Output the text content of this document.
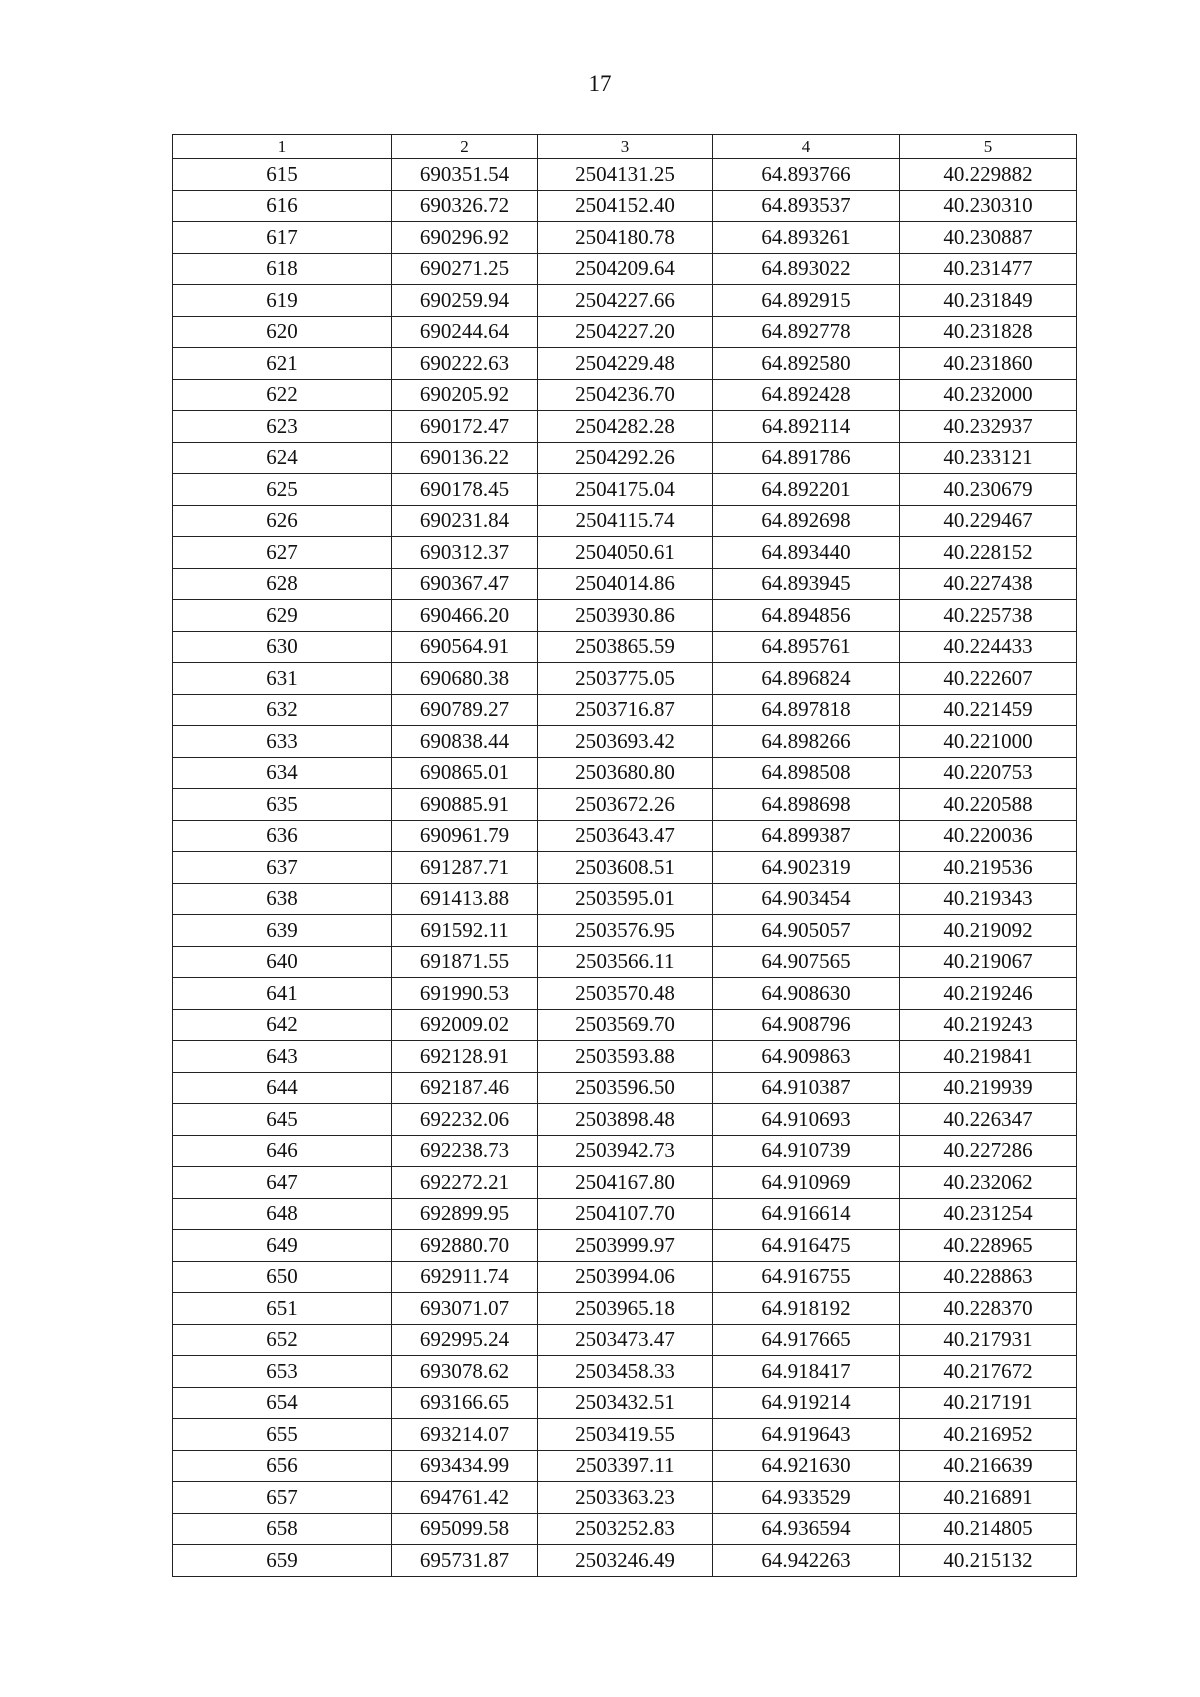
17
1	2	3	4	5
615	690351.54	2504131.25	64.893766	40.229882
616	690326.72	2504152.40	64.893537	40.230310
617	690296.92	2504180.78	64.893261	40.230887
618	690271.25	2504209.64	64.893022	40.231477
619	690259.94	2504227.66	64.892915	40.231849
620	690244.64	2504227.20	64.892778	40.231828
621	690222.63	2504229.48	64.892580	40.231860
622	690205.92	2504236.70	64.892428	40.232000
623	690172.47	2504282.28	64.892114	40.232937
624	690136.22	2504292.26	64.891786	40.233121
625	690178.45	2504175.04	64.892201	40.230679
626	690231.84	2504115.74	64.892698	40.229467
627	690312.37	2504050.61	64.893440	40.228152
628	690367.47	2504014.86	64.893945	40.227438
629	690466.20	2503930.86	64.894856	40.225738
630	690564.91	2503865.59	64.895761	40.224433
631	690680.38	2503775.05	64.896824	40.222607
632	690789.27	2503716.87	64.897818	40.221459
633	690838.44	2503693.42	64.898266	40.221000
634	690865.01	2503680.80	64.898508	40.220753
635	690885.91	2503672.26	64.898698	40.220588
636	690961.79	2503643.47	64.899387	40.220036
637	691287.71	2503608.51	64.902319	40.219536
638	691413.88	2503595.01	64.903454	40.219343
639	691592.11	2503576.95	64.905057	40.219092
640	691871.55	2503566.11	64.907565	40.219067
641	691990.53	2503570.48	64.908630	40.219246
642	692009.02	2503569.70	64.908796	40.219243
643	692128.91	2503593.88	64.909863	40.219841
644	692187.46	2503596.50	64.910387	40.219939
645	692232.06	2503898.48	64.910693	40.226347
646	692238.73	2503942.73	64.910739	40.227286
647	692272.21	2504167.80	64.910969	40.232062
648	692899.95	2504107.70	64.916614	40.231254
649	692880.70	2503999.97	64.916475	40.228965
650	692911.74	2503994.06	64.916755	40.228863
651	693071.07	2503965.18	64.918192	40.228370
652	692995.24	2503473.47	64.917665	40.217931
653	693078.62	2503458.33	64.918417	40.217672
654	693166.65	2503432.51	64.919214	40.217191
655	693214.07	2503419.55	64.919643	40.216952
656	693434.99	2503397.11	64.921630	40.216639
657	694761.42	2503363.23	64.933529	40.216891
658	695099.58	2503252.83	64.936594	40.214805
659	695731.87	2503246.49	64.942263	40.215132
